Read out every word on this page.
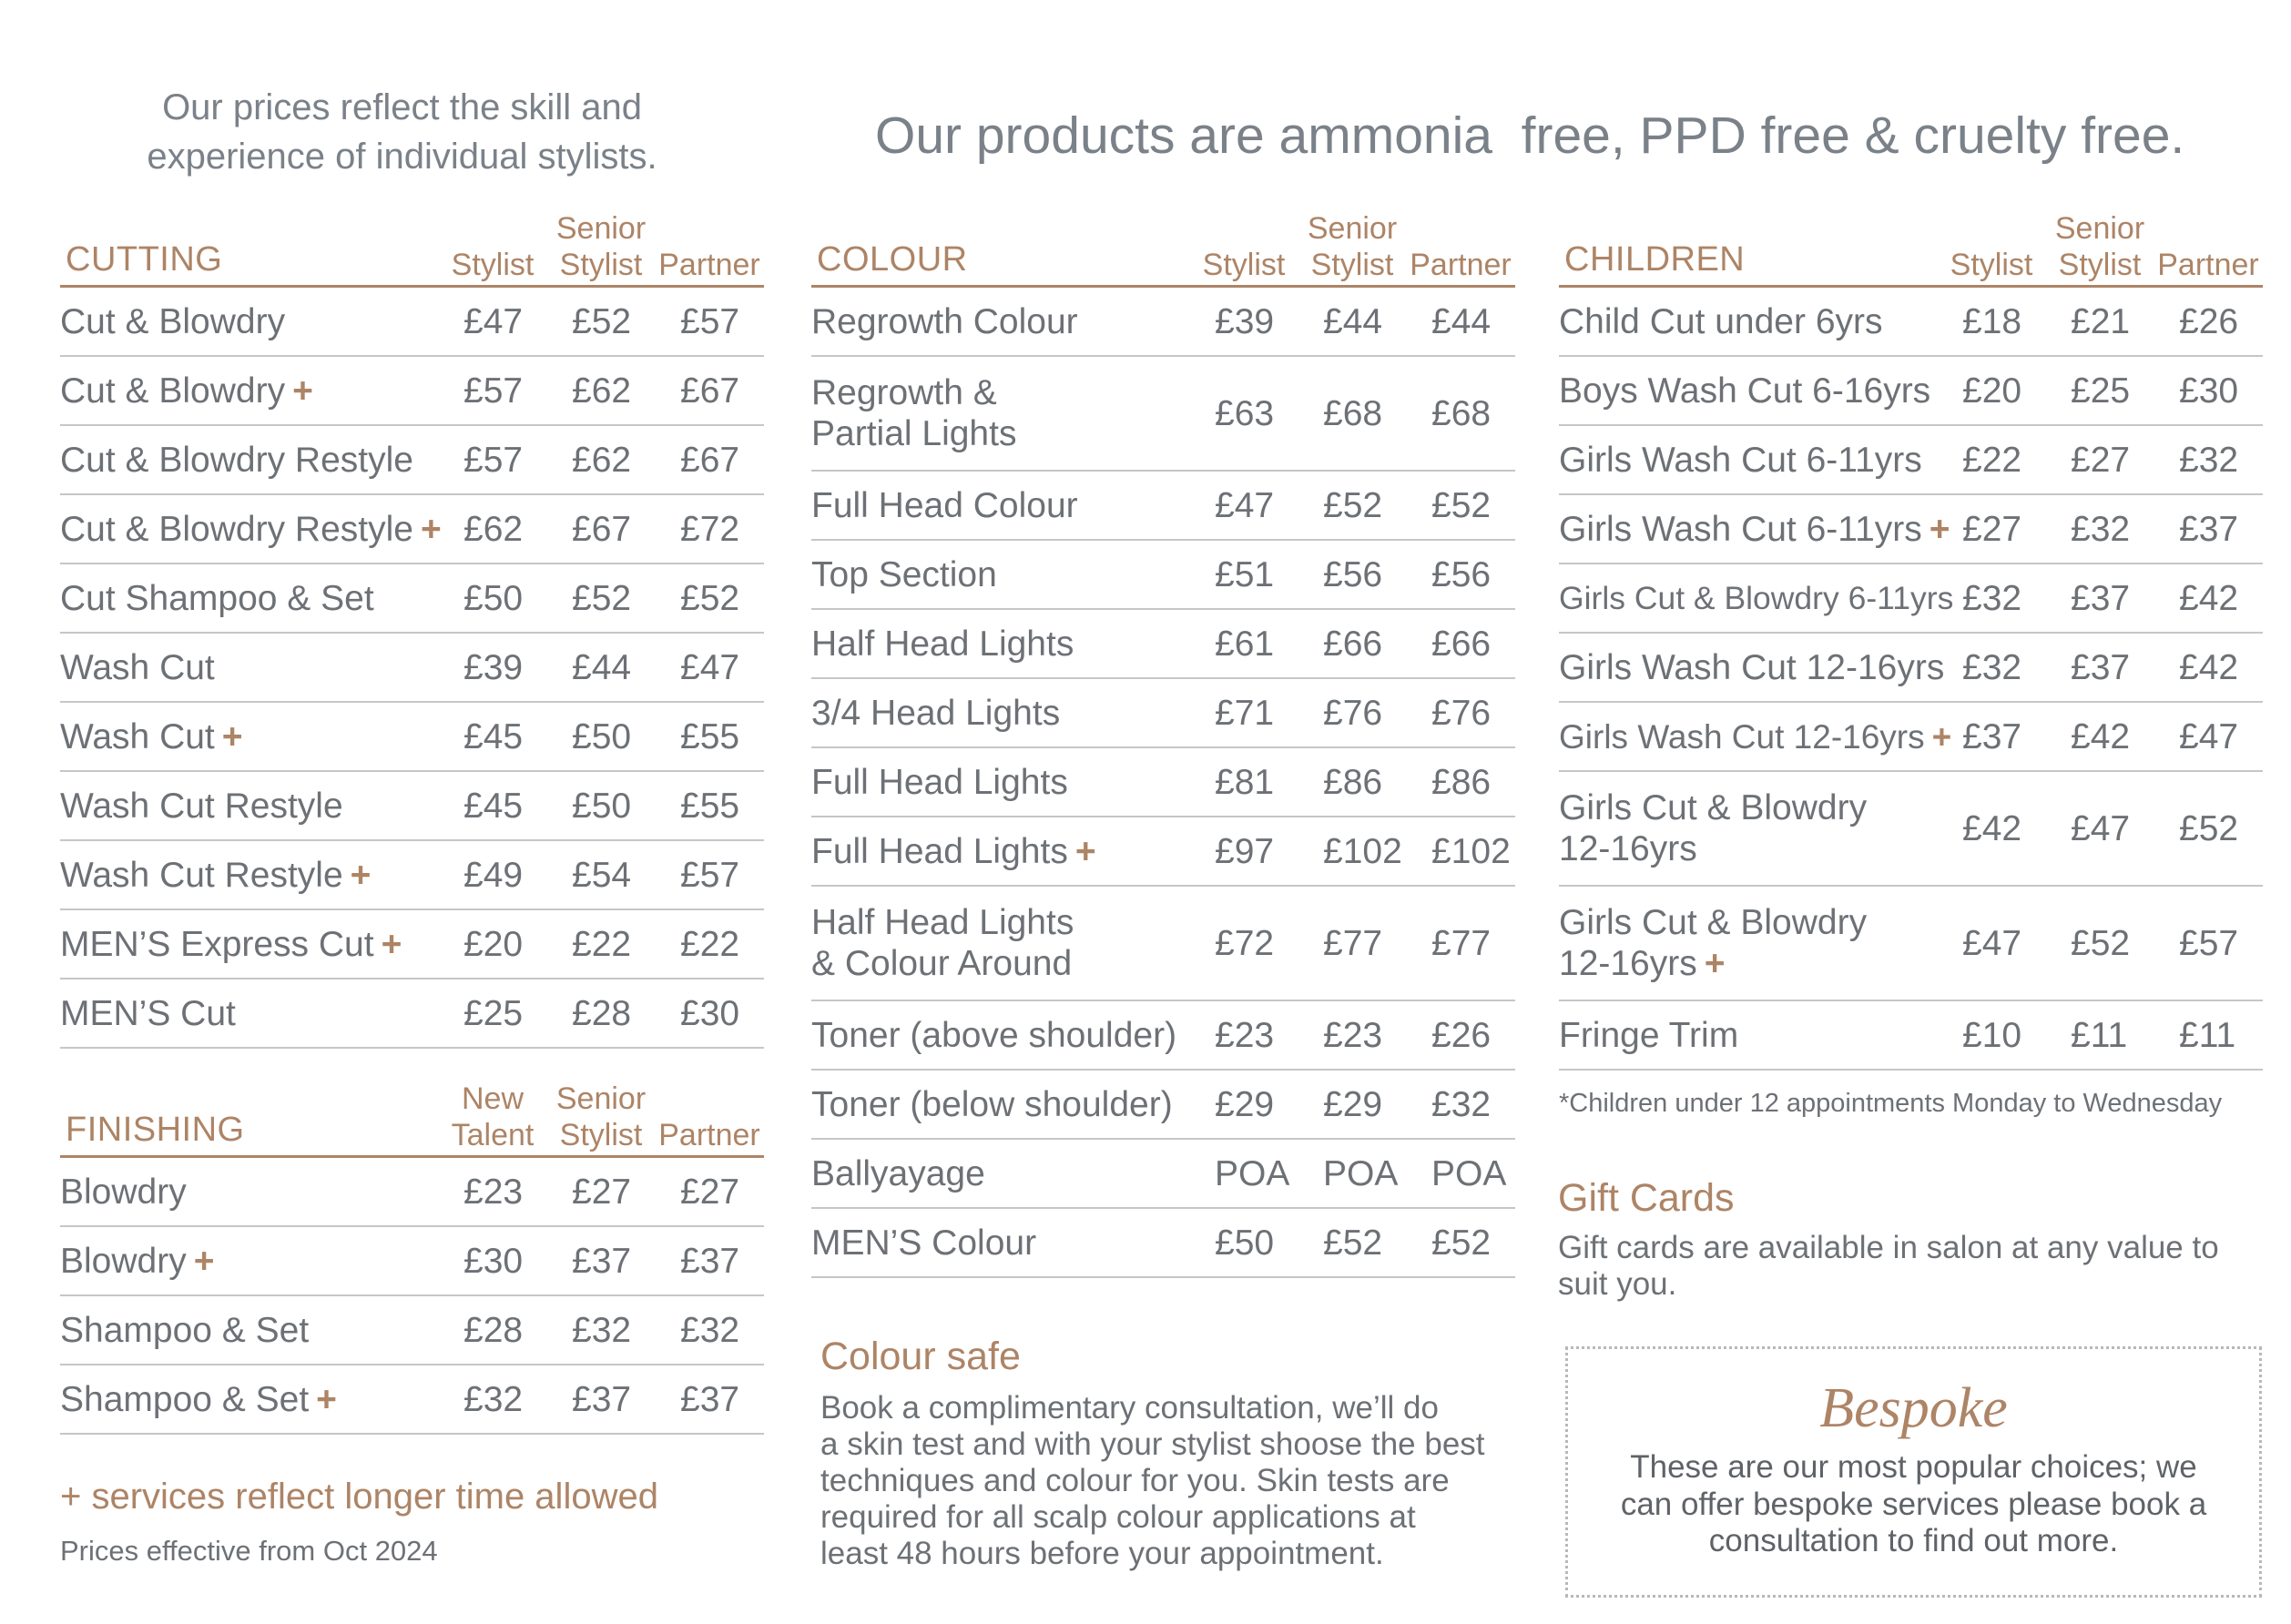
Our prices reflect the skill and
experience of individual stylists.	Our products are ammonia  free, PPD free & cruelty free.
CUTTING	Stylist
Senior
Stylist Partner
Cut & Blowdry	£47	£52	£57
Cut & Blowdry +	£57	£62	£67
Cut & Blowdry Restyle £57	£62	£67
Cut & Blowdry Restyle + £62	£67	£72
Cut Shampoo & Set	£50	£52	£52
Wash Cut	£39	£44	£47
Wash Cut +	£45	£50	£55
Wash Cut Restyle	£45	£50	£55
Wash Cut Restyle +	£49	£54	£57
MEN’S Express Cut + £20	£22	£22
MEN’S Cut	£25	£28	£30
FINISHING
New
Talent
Senior
Stylist Partner
Blowdry	£23	£27	£27
Blowdry +	£30	£37	£37
Shampoo & Set	£28	£32	£32
Shampoo & Set +	£32	£37	£37
COLOUR	Stylist
Senior
Stylist Partner
Regrowth Colour	£39	£44	£44
Regrowth &
Partial Lights
£63	£68	£68
Full Head Colour	£47	£52	£52
Top Section	£51	£56	£56
Half Head Lights	£61	£66	£66
3/4 Head Lights	£71	£76	£76
Full Head Lights	£81	£86	£86
Full Head Lights +	£97	£102 £102
Half Head Lights
& Colour Around
£72	£77	£77
Toner (above shoulder) £23	£23	£26
Toner (below shoulder) £29	£29	£32
Ballyayage	POA POA POA
MEN’S Colour	£50	£52	£52
CHILDREN	Stylist
Senior
Stylist Partner
Child Cut under 6yrs £18	£21	£26
Boys Wash Cut 6-16yrs £20	£25	£30
Girls Wash Cut 6-11yrs £22	£27	£32
Girls Wash Cut 6-11yrs + £27	£32	£37
Girls Cut & Blowdry 6-11yrs £32	£37	£42
Girls Wash Cut 12-16yrs £32	£37	£42
Girls Wash Cut 12-16yrs + £37	£42	£47
Girls Cut & Blowdry
12-16yrs
£42	£47	£52
Girls Cut & Blowdry
12-16yrs +
£47	£52	£57
Fringe Trim	£10	£11	£11
+ services reflect longer time allowed
Prices effective from Oct 2024
Colour safe
Book a complimentary consultation, we’ll do
a skin test and with your stylist shoose the best
techniques and colour for you. Skin tests are
required for all scalp colour applications at
least 48 hours before your appointment.
*Children under 12 appointments Monday to Wednesday
Gift Cards
Gift cards are available in salon at any value to
suit you.
Bespoke
These are our most popular choices; we
can offer bespoke services please book a
consultation to find out more.
